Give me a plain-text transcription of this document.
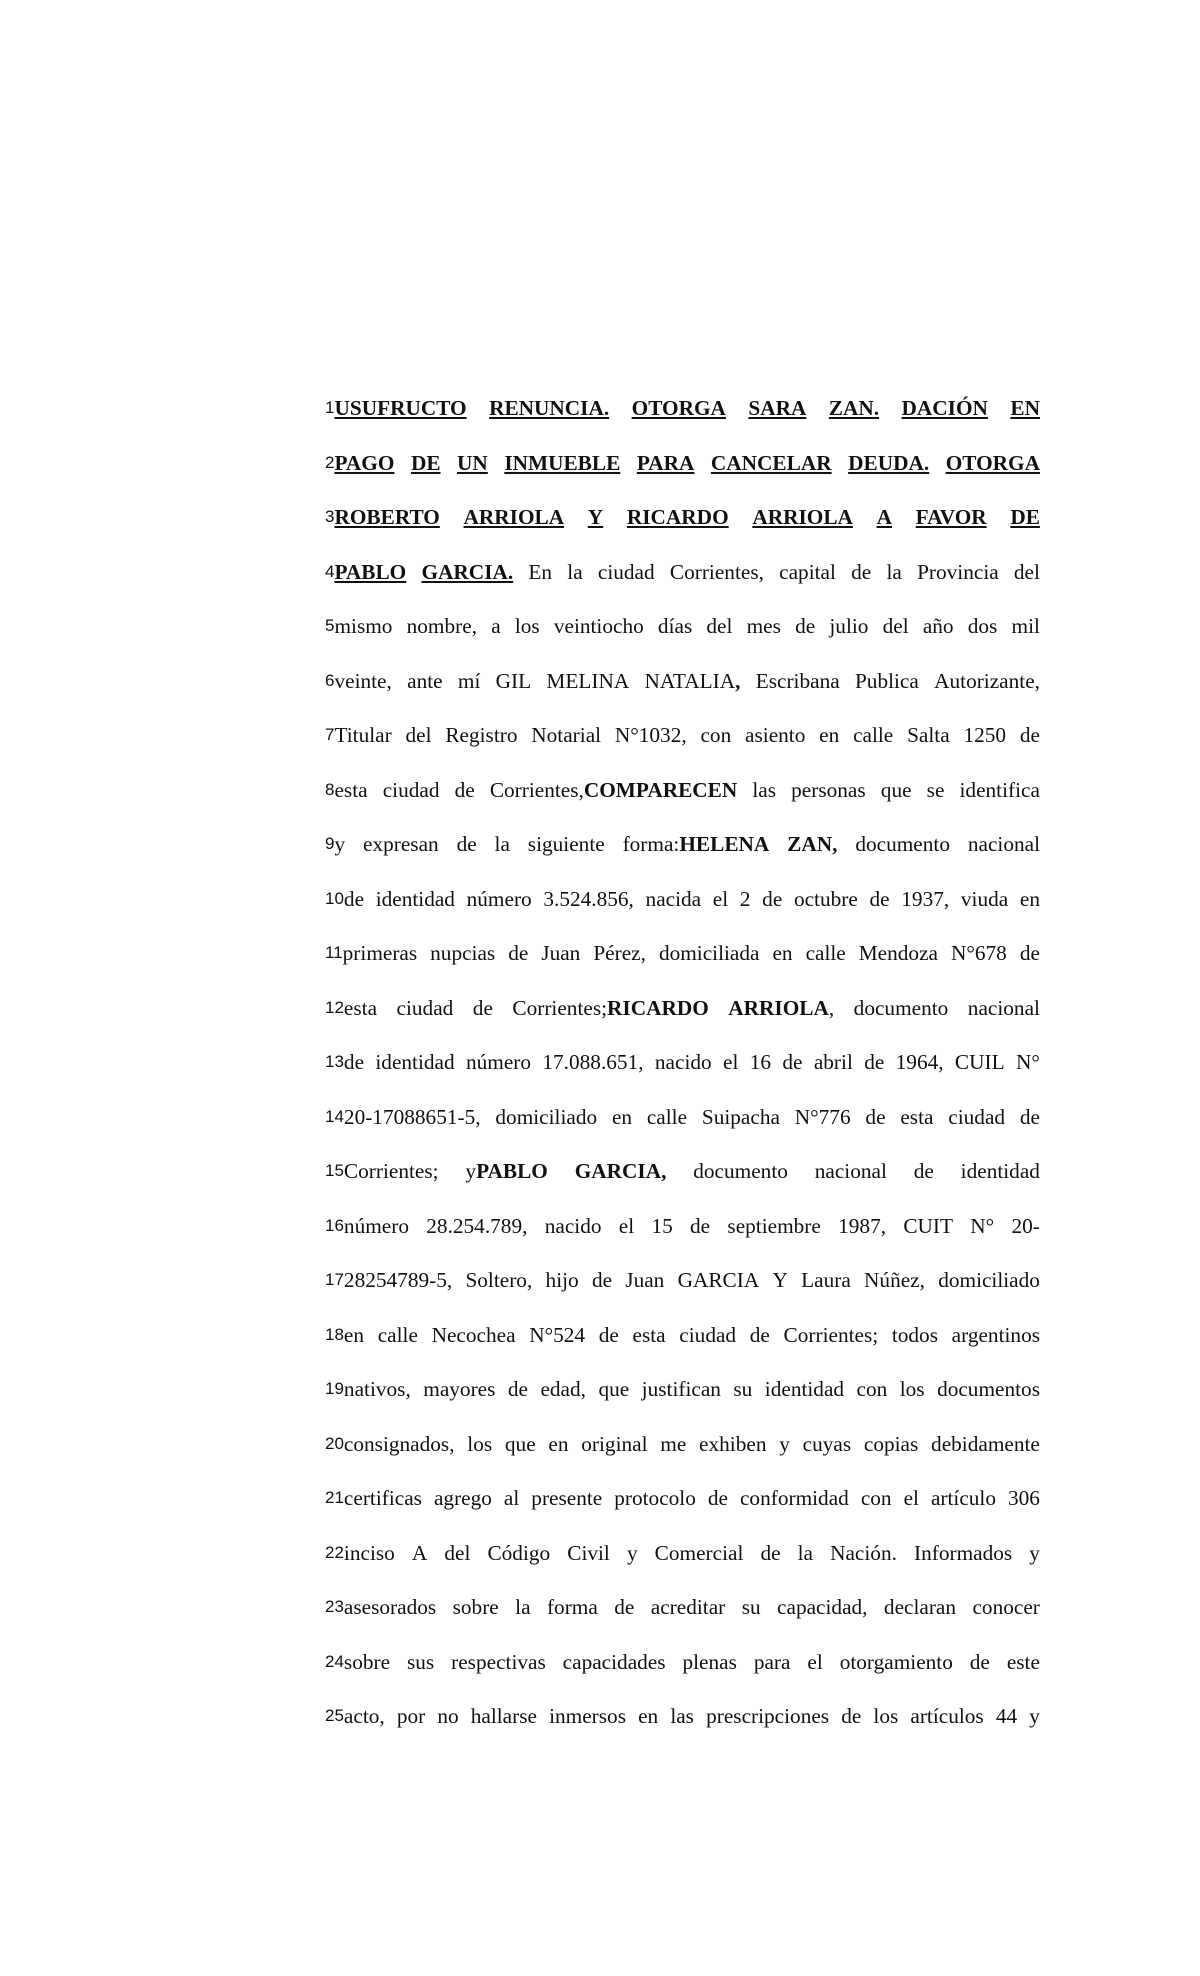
1 USUFRUCTO RENUNCIA. OTORGA SARA ZAN. DACIÓN EN
2 PAGO DE UN INMUEBLE PARA CANCELAR DEUDA. OTORGA
3 ROBERTO ARRIOLA Y RICARDO ARRIOLA A FAVOR DE
4 PABLO GARCIA. En la ciudad Corrientes, capital de la Provincia del
5 mismo nombre, a los veintiocho días del mes de julio del año dos mil
6 veinte, ante mí GIL MELINA NATALIA, Escribana Publica Autorizante,
7 Titular del Registro Notarial N°1032, con asiento en calle Salta 1250 de
8 esta ciudad de Corrientes,COMPARECEN las personas que se identifica
9 y expresan de la siguiente forma:HELENA ZAN, documento nacional
10 de identidad número 3.524.856, nacida el 2 de octubre de 1937, viuda en
11 primeras nupcias de Juan Pérez, domiciliada en calle Mendoza N°678 de
12 esta ciudad de Corrientes;RICARDO ARRIOLA, documento nacional
13 de identidad número 17.088.651, nacido el 16 de abril de 1964, CUIL N°
14 20-17088651-5, domiciliado en calle Suipacha N°776 de esta ciudad de
15 Corrientes; yPABLO GARCIA, documento nacional de identidad
16 número 28.254.789, nacido el 15 de septiembre 1987, CUIT N° 20-
17 28254789-5, Soltero, hijo de Juan GARCIA Y Laura Núñez, domiciliado
18 en calle Necochea N°524 de esta ciudad de Corrientes; todos argentinos
19 nativos, mayores de edad, que justifican su identidad con los documentos
20 consignados, los que en original me exhiben y cuyas copias debidamente
21 certificas agrego al presente protocolo de conformidad con el artículo 306
22 inciso A del Código Civil y Comercial de la Nación. Informados y
23 asesorados sobre la forma de acreditar su capacidad, declaran conocer
24 sobre sus respectivas capacidades plenas para el otorgamiento de este
25 acto, por no hallarse inmersos en las prescripciones de los artículos 44 y
